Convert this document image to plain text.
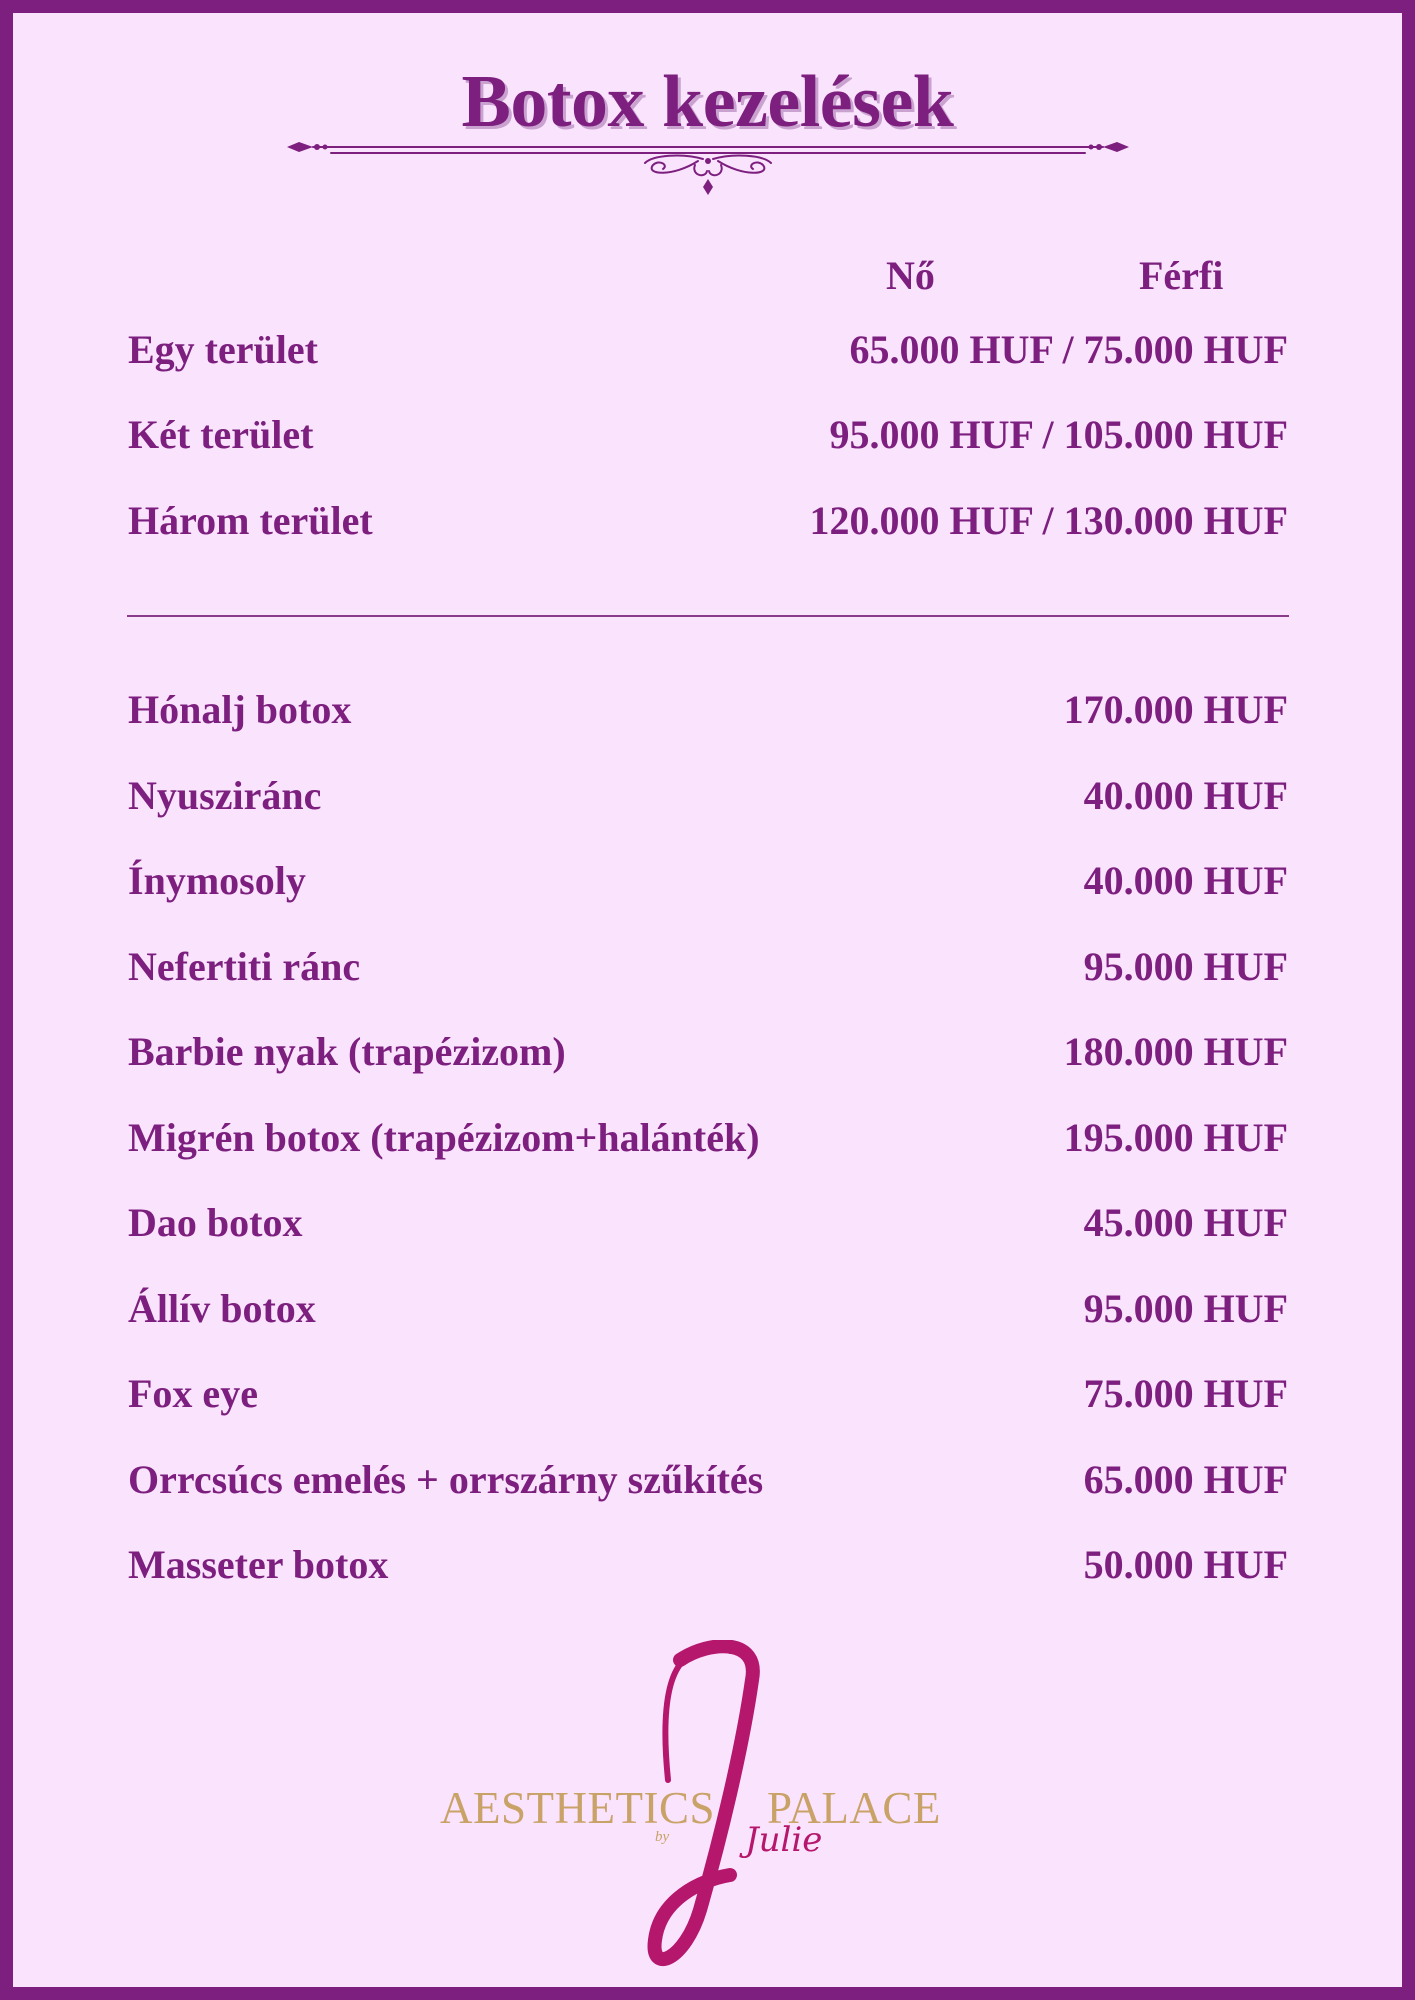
Botox kezelések
Nő	Férfi
Egy terület	65.000 HUF / 75.000 HUF
Két terület	95.000 HUF / 105.000 HUF
Három terület	120.000 HUF / 130.000 HUF
Hónalj botox	170.000 HUF
Nyusziránc	40.000 HUF
Ínymosoly	40.000 HUF
Nefertiti ránc	95.000 HUF
Barbie nyak (trapézizom)	180.000 HUF
Migrén botox (trapézizom+halánték)	195.000 HUF
Dao botox	45.000 HUF
Állív botox	95.000 HUF
Fox eye	75.000 HUF
Orrcsúcs emelés + orrszárny szűkítés	65.000 HUF
Masseter botox	50.000 HUF
AESTHETICS PALACE
by Julie
